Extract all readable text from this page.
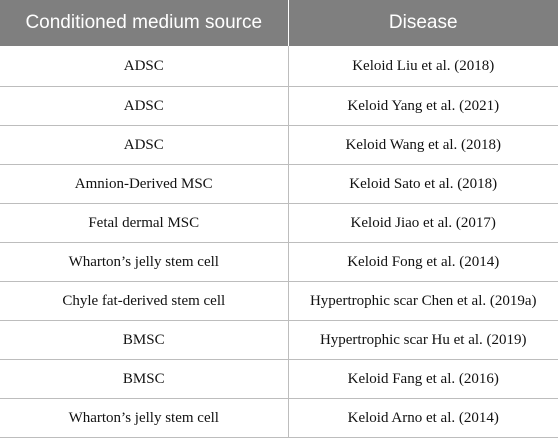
Conditioned medium source	Disease
ADSC	Keloid Liu et al. (2018)
ADSC	Keloid Yang et al. (2021)
ADSC	Keloid Wang et al. (2018)
Amnion-Derived MSC	Keloid Sato et al. (2018)
Fetal dermal MSC	Keloid Jiao et al. (2017)
Wharton’s jelly stem cell	Keloid Fong et al. (2014)
Chyle fat-derived stem cell	Hypertrophic scar Chen et al. (2019a)
BMSC	Hypertrophic scar Hu et al. (2019)
BMSC	Keloid Fang et al. (2016)
Wharton’s jelly stem cell	Keloid Arno et al. (2014)
